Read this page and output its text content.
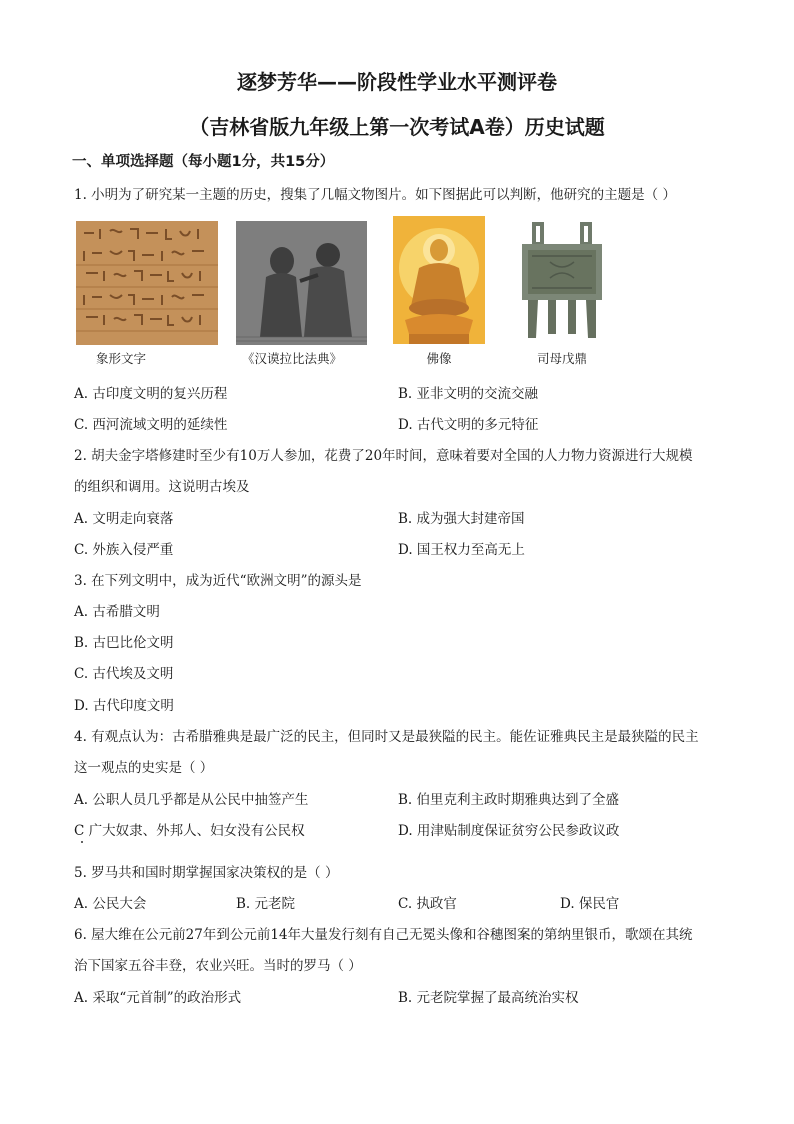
逐梦芳华——阶段性学业水平测评卷
（吉林省版九年级上第一次考试A卷）历史试题
一、单项选择题（每小题1分，共15分）
1. 小明为了研究某一主题的历史，搜集了几幅文物图片。如下图据此可以判断，他研究的主题是（ ）
象形文字	《汉谟拉比法典》	佛像	司母戊鼎
A. 古印度文明的复兴历程	B. 亚非文明的交流交融
C. 西河流域文明的延续性	D. 古代文明的多元特征
2. 胡夫金字塔修建时至少有10万人参加，花费了20年时间，意味着要对全国的人力物力资源进行大规模
的组织和调用。这说明古埃及
A. 文明走向衰落	B. 成为强大封建帝国
C. 外族入侵严重	D. 国王权力至高无上
3. 在下列文明中，成为近代“欧洲文明”的源头是
A. 古希腊文明
B. 古巴比伦文明
C. 古代埃及文明
D. 古代印度文明
4. 有观点认为：古希腊雅典是最广泛的民主，但同时又是最狭隘的民主。能佐证雅典民主是最狭隘的民主
这一观点的史实是（ ）
A. 公职人员几乎都是从公民中抽签产生	B. 伯里克利主政时期雅典达到了全盛
C 广大奴隶、外邦人、妇女没有公民权	D. 用津贴制度保证贫穷公民参政议政
5. 罗马共和国时期掌握国家决策权的是（ ）
A. 公民大会	B. 元老院	C. 执政官	D. 保民官
6. 屋大维在公元前27年到公元前14年大量发行刻有自己无冕头像和谷穗图案的第纳里银币，歌颂在其统
治下国家五谷丰登，农业兴旺。当时的罗马（ ）
A. 采取“元首制”的政治形式	B. 元老院掌握了最高统治实权
